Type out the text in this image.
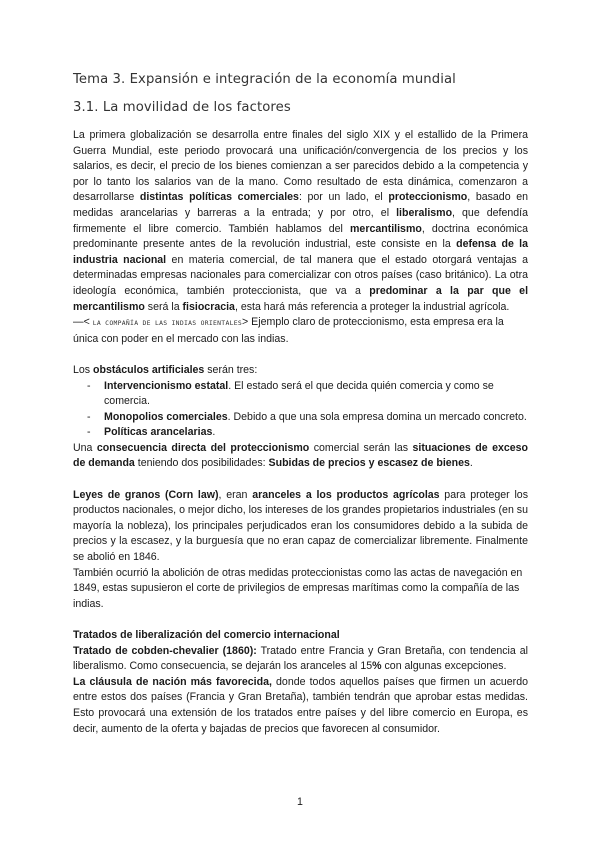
Tema 3. Expansión e integración de la economía mundial
3.1. La movilidad de los factores

La primera globalización se desarrolla entre finales del siglo XIX y el estallido de la Primera Guerra Mundial, este periodo provocará una unificación/convergencia de los precios y los salarios, es decir, el precio de los bienes comienzan a ser parecidos debido a la competencia y por lo tanto los salarios van de la mano. Como resultado de esta dinámica, comenzaron a desarrollarse distintas políticas comerciales: por un lado, el proteccionismo, basado en medidas arancelarias y barreras a la entrada; y por otro, el liberalismo, que defendía firmemente el libre comercio. También hablamos del mercantilismo, doctrina económica predominante presente antes de la revolución industrial, este consiste en la defensa de la industria nacional en materia comercial, de tal manera que el estado otorgará ventajas a determinadas empresas nacionales para comercializar con otros países (caso británico). La otra ideología económica, también proteccionista, que va a predominar a la par que el mercantilismo será la fisiocracia, esta hará más referencia a proteger la industrial agrícola.

—< LA COMPAÑÍA DE LAS INDIAS ORIENTALES> Ejemplo claro de proteccionismo, esta empresa era la única con poder en el mercado con las indias.

Los obstáculos artificiales serán tres:

- Intervencionismo estatal. El estado será el que decida quién comercia y como se comercia.
- Monopolios comerciales. Debido a que una sola empresa domina un mercado concreto.
- Políticas arancelarias.

Una consecuencia directa del proteccionismo comercial serán las situaciones de exceso de demanda teniendo dos posibilidades: Subidas de precios y escasez de bienes.

Leyes de granos (Corn law), eran aranceles a los productos agrícolas para proteger los productos nacionales, o mejor dicho, los intereses de los grandes propietarios industriales (en su mayoría la nobleza), los principales perjudicados eran los consumidores debido a la subida de precios y la escasez, y la burguesía que no eran capaz de comercializar libremente. Finalmente se abolió en 1846.

También ocurrió la abolición de otras medidas proteccionistas como las actas de navegación en 1849, estas supusieron el corte de privilegios de empresas marítimas como la compañía de las indias.

Tratados de liberalización del comercio internacional

Tratado de cobden-chevalier (1860): Tratado entre Francia y Gran Bretaña, con tendencia al liberalismo. Como consecuencia, se dejarán los aranceles al 15% con algunas excepciones.

La cláusula de nación más favorecida, donde todos aquellos países que firmen un acuerdo entre estos dos países (Francia y Gran Bretaña), también tendrán que aprobar estas medidas. Esto provocará una extensión de los tratados entre países y del libre comercio en Europa, es decir, aumento de la oferta y bajadas de precios que favorecen al consumidor.

1
